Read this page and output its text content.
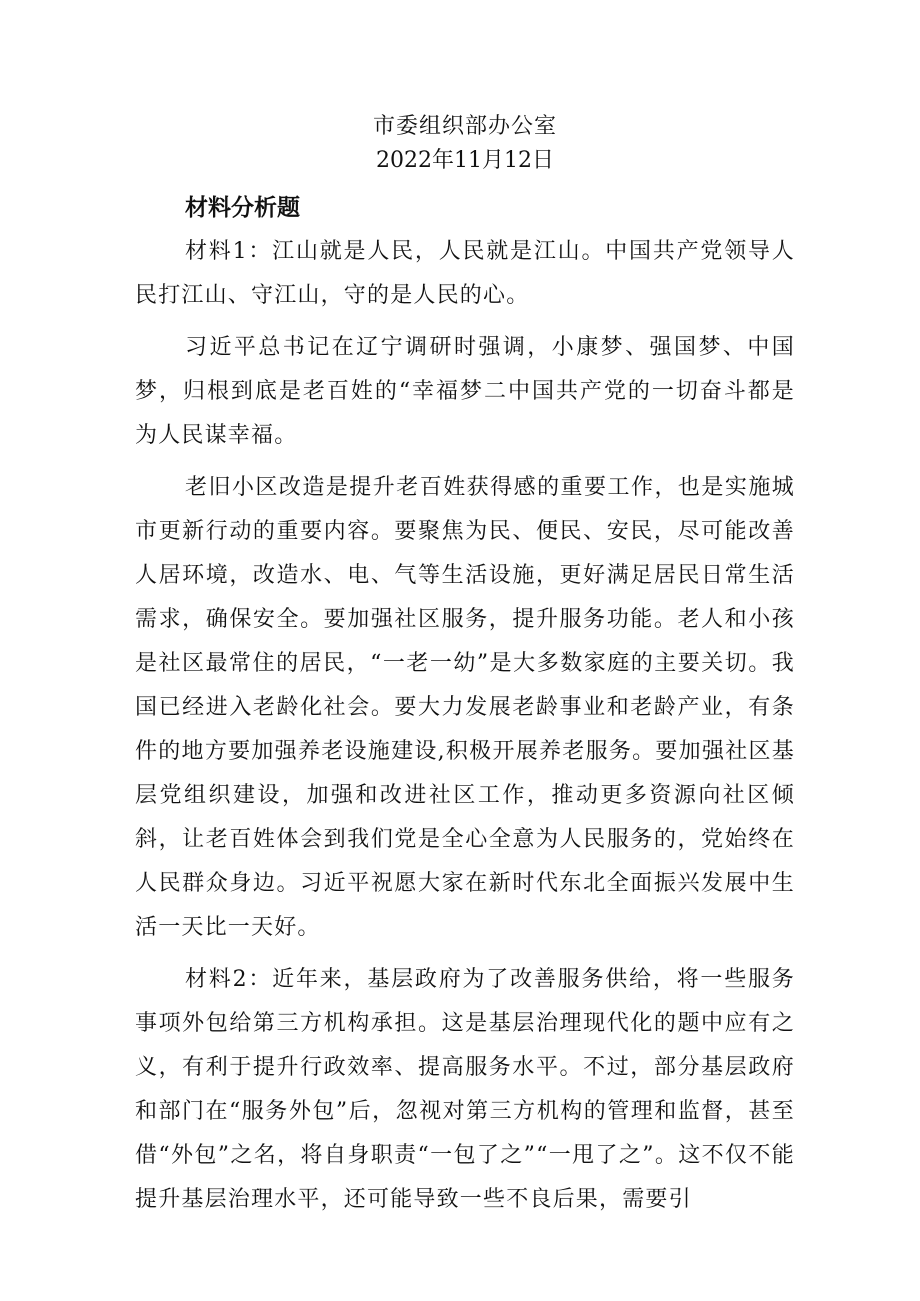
市委组织部办公室

2022年11月12日

材料分析题

材料1：江山就是人民，人民就是江山。中国共产党领导人民打江山、守江山，守的是人民的心。

习近平总书记在辽宁调研时强调，小康梦、强国梦、中国梦，归根到底是老百姓的“幸福梦二中国共产党的一切奋斗都是为人民谋幸福。

老旧小区改造是提升老百姓获得感的重要工作，也是实施城市更新行动的重要内容。要聚焦为民、便民、安民，尽可能改善人居环境，改造水、电、气等生活设施，更好满足居民日常生活需求，确保安全。要加强社区服务，提升服务功能。老人和小孩是社区最常住的居民，“一老一幼”是大多数家庭的主要关切。我国已经进入老龄化社会。要大力发展老龄事业和老龄产业，有条件的地方要加强养老设施建设,积极开展养老服务。要加强社区基层党组织建设，加强和改进社区工作，推动更多资源向社区倾斜，让老百姓体会到我们党是全心全意为人民服务的，党始终在人民群众身边。习近平祝愿大家在新时代东北全面振兴发展中生活一天比一天好。

材料2：近年来，基层政府为了改善服务供给，将一些服务事项外包给第三方机构承担。这是基层治理现代化的题中应有之义，有利于提升行政效率、提高服务水平。不过，部分基层政府和部门在“服务外包”后，忽视对第三方机构的管理和监督，甚至借“外包”之名，将自身职责“一包了之”“一甩了之”。这不仅不能提升基层治理水平，还可能导致一些不良后果，需要引
